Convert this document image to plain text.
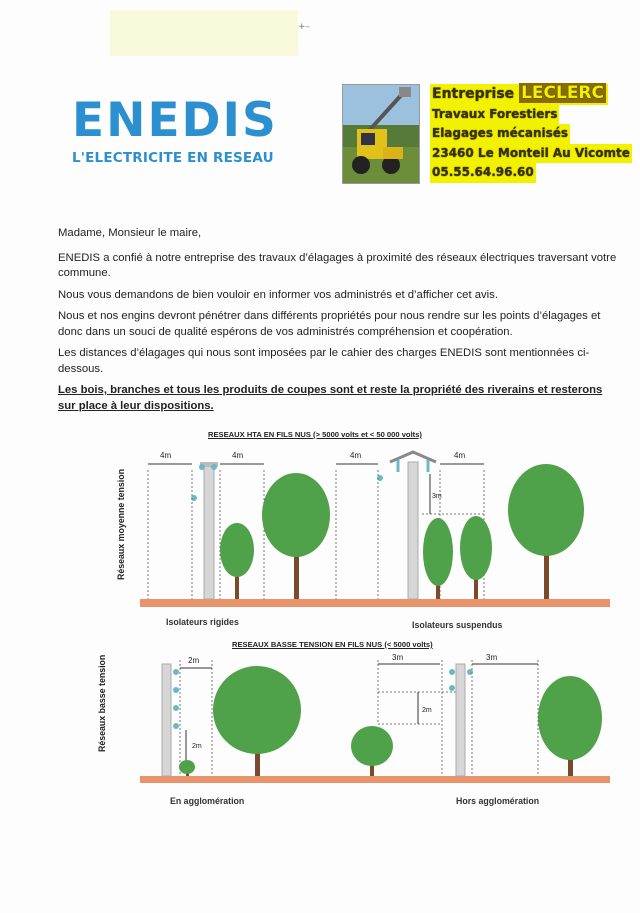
+–
ENEDIS
L'ELECTRICITE EN RESEAU
Entreprise LECLERC
Travaux Forestiers
Elagages mécanisés
23460 Le Monteil Au Vicomte
05.55.64.96.60

Madame, Monsieur le maire,

ENEDIS a confié à notre entreprise des travaux d’élagages à proximité des réseaux électriques traversant votre commune.

Nous vous demandons de bien vouloir en informer vos administrés et d’afficher cet avis.

Nous et nos engins devront pénétrer dans différents propriétés pour nous rendre sur les points d’élagages et donc dans un souci de qualité espérons de vos administrés compréhension et coopération.

Les distances d’élagages qui nous sont imposées par le cahier des charges ENEDIS sont mentionnées ci-dessous.

Les bois, branches et tous les produits de coupes sont et reste la propriété des riverains et resterons sur place à leur dispositions.

RESEAUX HTA EN FILS NUS (> 5000 volts et < 50 000 volts)
Réseaux moyenne tension
4m	4m	4m	4m
3m
Isolateurs rigides	Isolateurs suspendus
RESEAUX BASSE TENSION EN FILS NUS (< 5000 volts)
Réseaux basse tension	2m
2m
3m
2m
3m
En agglomération	Hors agglomération
